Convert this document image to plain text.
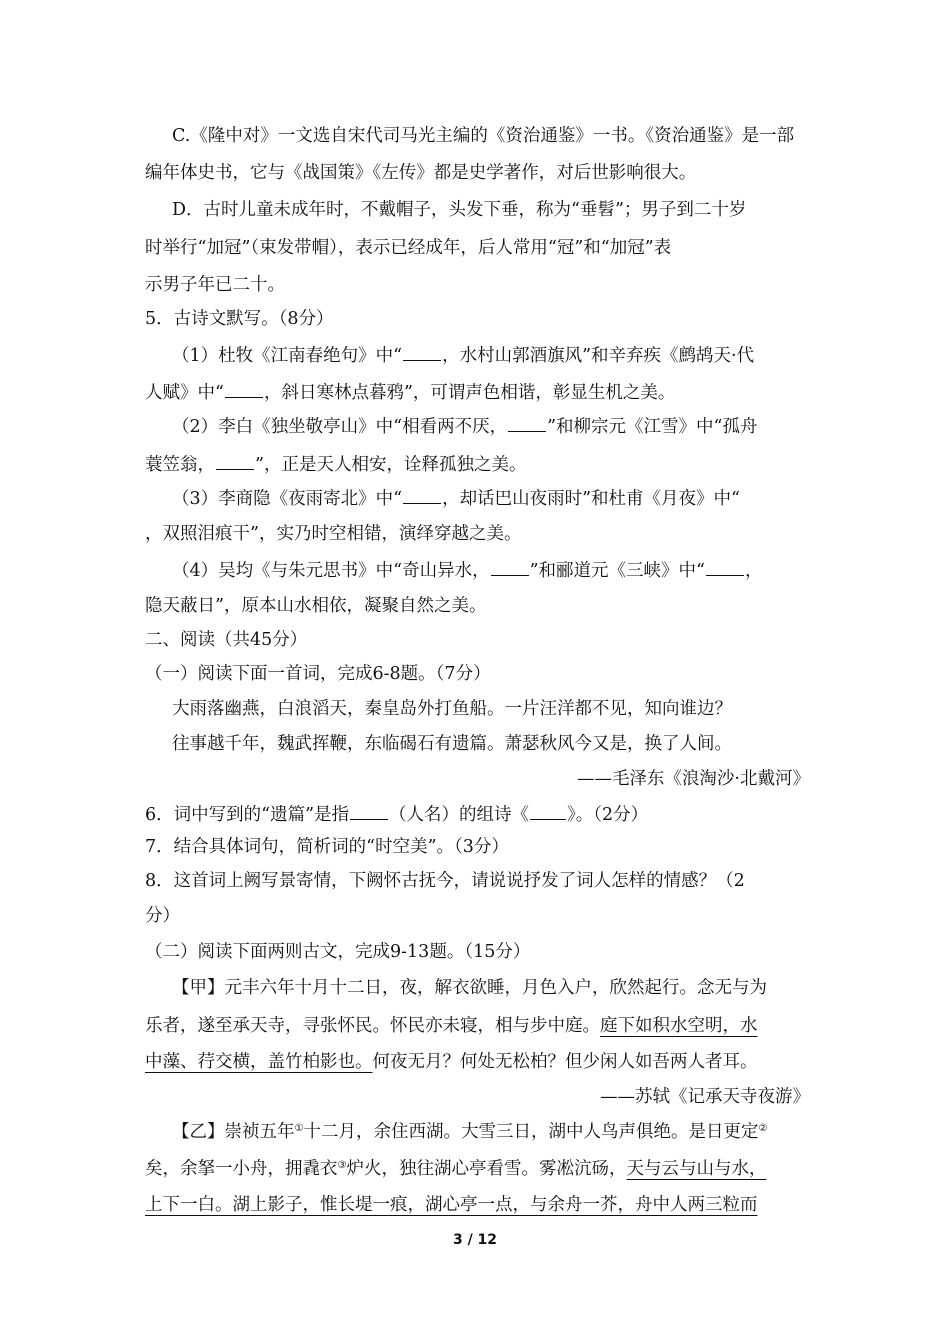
C.《隆中对》一文选自宋代司马光主编的《资治通鉴》一书。《资治通鉴》是一部
编年体史书，它与《战国策》《左传》都是史学著作，对后世影响很大。
D．古时儿童未成年时，不戴帽子，头发下垂，称为“垂髫”；男子到二十岁
时举行“加冠”（束发带帽），表示已经成年，后人常用“冠”和“加冠”表
示男子年已二十。
5．古诗文默写。（8分）
（1）杜牧《江南春绝句》中“ ，水村山郭酒旗风”和辛弃疾《鹧鸪天·代
人赋》中“ ，斜日寒林点暮鸦”，可谓声色相谐，彰显生机之美。
（2）李白《独坐敬亭山》中“相看两不厌， ”和柳宗元《江雪》中“孤舟
蓑笠翁， ”，正是天人相安，诠释孤独之美。
（3）李商隐《夜雨寄北》中“ ，却话巴山夜雨时”和杜甫《月夜》中“
，双照泪痕干”，实乃时空相错，演绎穿越之美。
（4）吴均《与朱元思书》中“奇山异水， ”和郦道元《三峡》中“ ，
隐天蔽日”，原本山水相依，凝聚自然之美。
二、阅读（共45分）
（一）阅读下面一首词，完成6-8题。（7分）
大雨落幽燕，白浪滔天，秦皇岛外打鱼船。一片汪洋都不见，知向谁边？
往事越千年，魏武挥鞭，东临碣石有遗篇。萧瑟秋风今又是，换了人间。
——毛泽东《浪淘沙·北戴河》
6．词中写到的“遗篇”是指 （人名）的组诗《 》。（2分）
7．结合具体词句，简析词的“时空美”。（3分）
8．这首词上阙写景寄情，下阙怀古抚今，请说说抒发了词人怎样的情感？（2
分）
（二）阅读下面两则古文，完成9-13题。（15分）
【甲】元丰六年十月十二日，夜，解衣欲睡，月色入户，欣然起行。念无与为
乐者，遂至承天寺，寻张怀民。怀民亦未寝，相与步中庭。庭下如积水空明，水
中藻、荇交横，盖竹柏影也。何夜无月？何处无松柏？但少闲人如吾两人者耳。
——苏轼《记承天寺夜游》
【乙】崇祯五年①十二月，余住西湖。大雪三日，湖中人鸟声俱绝。是日更定②
矣，余拏一小舟，拥毳衣③炉火，独往湖心亭看雪。雾凇沆砀，天与云与山与水，
上下一白。湖上影子，惟长堤一痕，湖心亭一点，与余舟一芥，舟中人两三粒而
3 / 12
